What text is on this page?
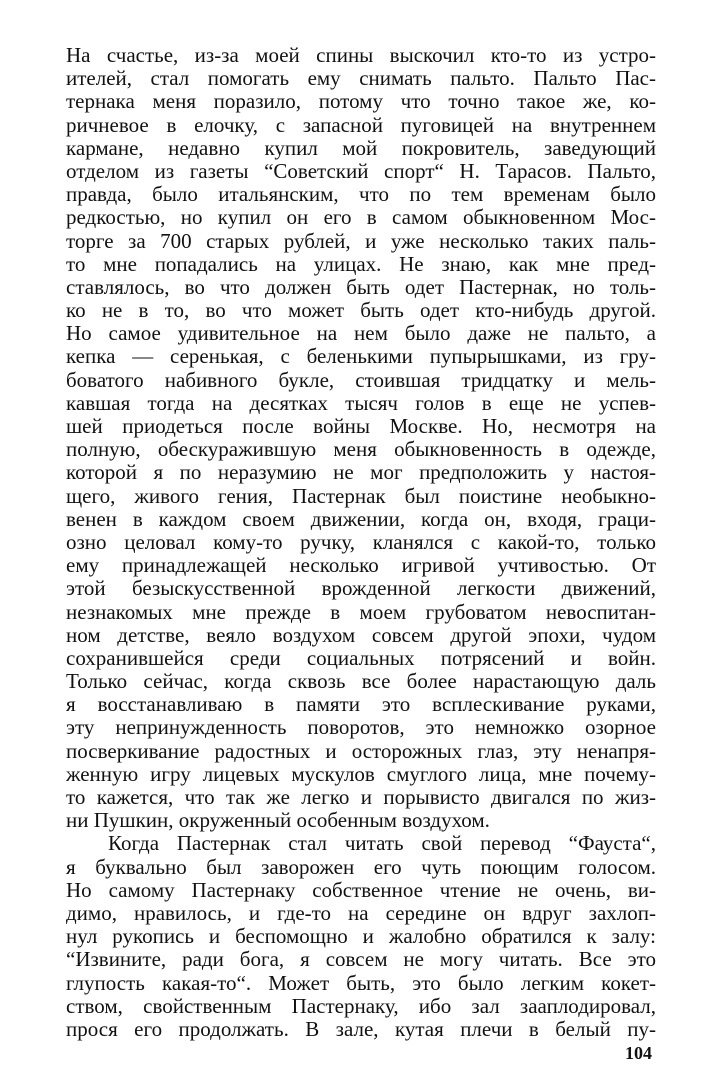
На счастье, из-за моей спины выскочил кто-то из устро-
ителей, стал помогать ему снимать пальто. Пальто Пас-
тернака меня поразило, потому что точно такое же, ко-
ричневое в елочку, с запасной пуговицей на внутреннем
кармане, недавно купил мой покровитель, заведующий
отделом из газеты “Советский спорт“ Н. Тарасов. Пальто,
правда, было итальянским, что по тем временам было
редкостью, но купил он его в самом обыкновенном Мос-
торге за 700 старых рублей, и уже несколько таких паль-
то мне попадались на улицах. Не знаю, как мне пред-
ставлялось, во что должен быть одет Пастернак, но толь-
ко не в то, во что может быть одет кто-нибудь другой.
Но самое удивительное на нем было даже не пальто, а
кепка — серенькая, с беленькими пупырышками, из гру-
боватого набивного букле, стоившая тридцатку и мель-
кавшая тогда на десятках тысяч голов в еще не успев-
шей приодеться после войны Москве. Но, несмотря на
полную, обескуражившую меня обыкновенность в одежде,
которой я по неразумию не мог предположить у настоя-
щего, живого гения, Пастернак был поистине необыкно-
венен в каждом своем движении, когда он, входя, граци-
озно целовал кому-то ручку, кланялся с какой-то, только
ему принадлежащей несколько игривой учтивостью. От
этой безыскусственной врожденной легкости движений,
незнакомых мне прежде в моем грубоватом невоспитан-
ном детстве, веяло воздухом совсем другой эпохи, чудом
сохранившейся среди социальных потрясений и войн.
Только сейчас, когда сквозь все более нарастающую даль
я восстанавливаю в памяти это всплескивание руками,
эту непринужденность поворотов, это немножко озорное
посверкивание радостных и осторожных глаз, эту ненапря-
женную игру лицевых мускулов смуглого лица, мне почему-
то кажется, что так же легко и порывисто двигался по жиз-
ни Пушкин, окруженный особенным воздухом.
Когда Пастернак стал читать свой перевод “Фауста“,
я буквально был заворожен его чуть поющим голосом.
Но самому Пастернаку собственное чтение не очень, ви-
димо, нравилось, и где-то на середине он вдруг захлоп-
нул рукопись и беспомощно и жалобно обратился к залу:
“Извините, ради бога, я совсем не могу читать. Все это
глупость какая-то“. Может быть, это было легким кокет-
ством, свойственным Пастернаку, ибо зал зааплодировал,
прося его продолжать. В зале, кутая плечи в белый пу-
104
